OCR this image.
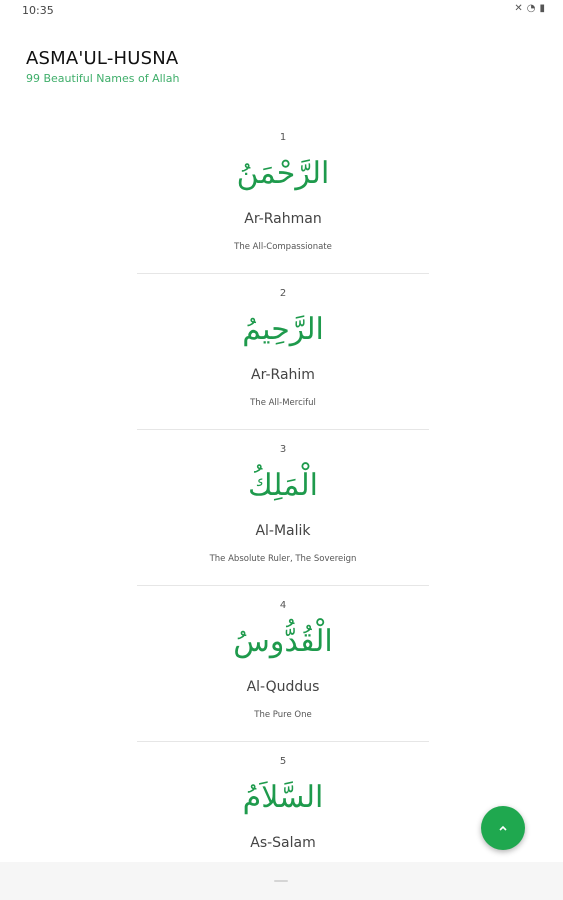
10:35	✕ ◔ ▮
ASMA'UL-HUSNA
99 Beautiful Names of Allah
1
الرَّحْمَنُ
Ar-Rahman
The All-Compassionate
2
الرَّحِيمُ
Ar-Rahim
The All-Merciful
3
الْمَلِكُ
Al-Malik
The Absolute Ruler, The Sovereign
4
الْقُدُّوسُ
Al-Quddus
The Pure One
5
السَّلاَمُ
As-Salam
